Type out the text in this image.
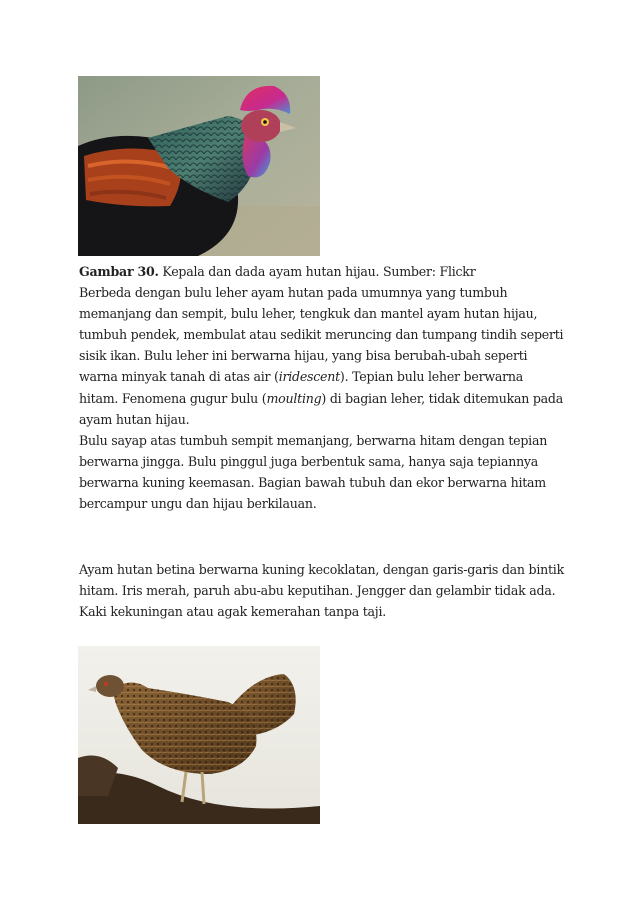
Gambar 30. Kepala dan dada ayam hutan hijau. Sumber: Flickr

Berbeda dengan bulu leher ayam hutan pada umumnya yang tumbuh memanjang dan sempit, bulu leher, tengkuk dan mantel ayam hutan hijau, tumbuh pendek, membulat atau sedikit meruncing dan tumpang tindih seperti sisik ikan. Bulu leher ini berwarna hijau, yang bisa berubah-ubah seperti warna minyak tanah di atas air (iridescent). Tepian bulu leher berwarna hitam. Fenomena gugur bulu (moulting) di bagian leher, tidak ditemukan pada ayam hutan hijau.

Bulu sayap atas tumbuh sempit memanjang, berwarna hitam dengan tepian berwarna jingga. Bulu pinggul juga berbentuk sama, hanya saja tepiannya berwarna kuning keemasan. Bagian bawah tubuh dan ekor berwarna hitam bercampur ungu dan hijau berkilauan.

Ayam hutan betina berwarna kuning kecoklatan, dengan garis-garis dan bintik hitam. Iris merah, paruh abu-abu keputihan. Jengger dan gelambir tidak ada. Kaki kekuningan atau agak kemerahan tanpa taji.
